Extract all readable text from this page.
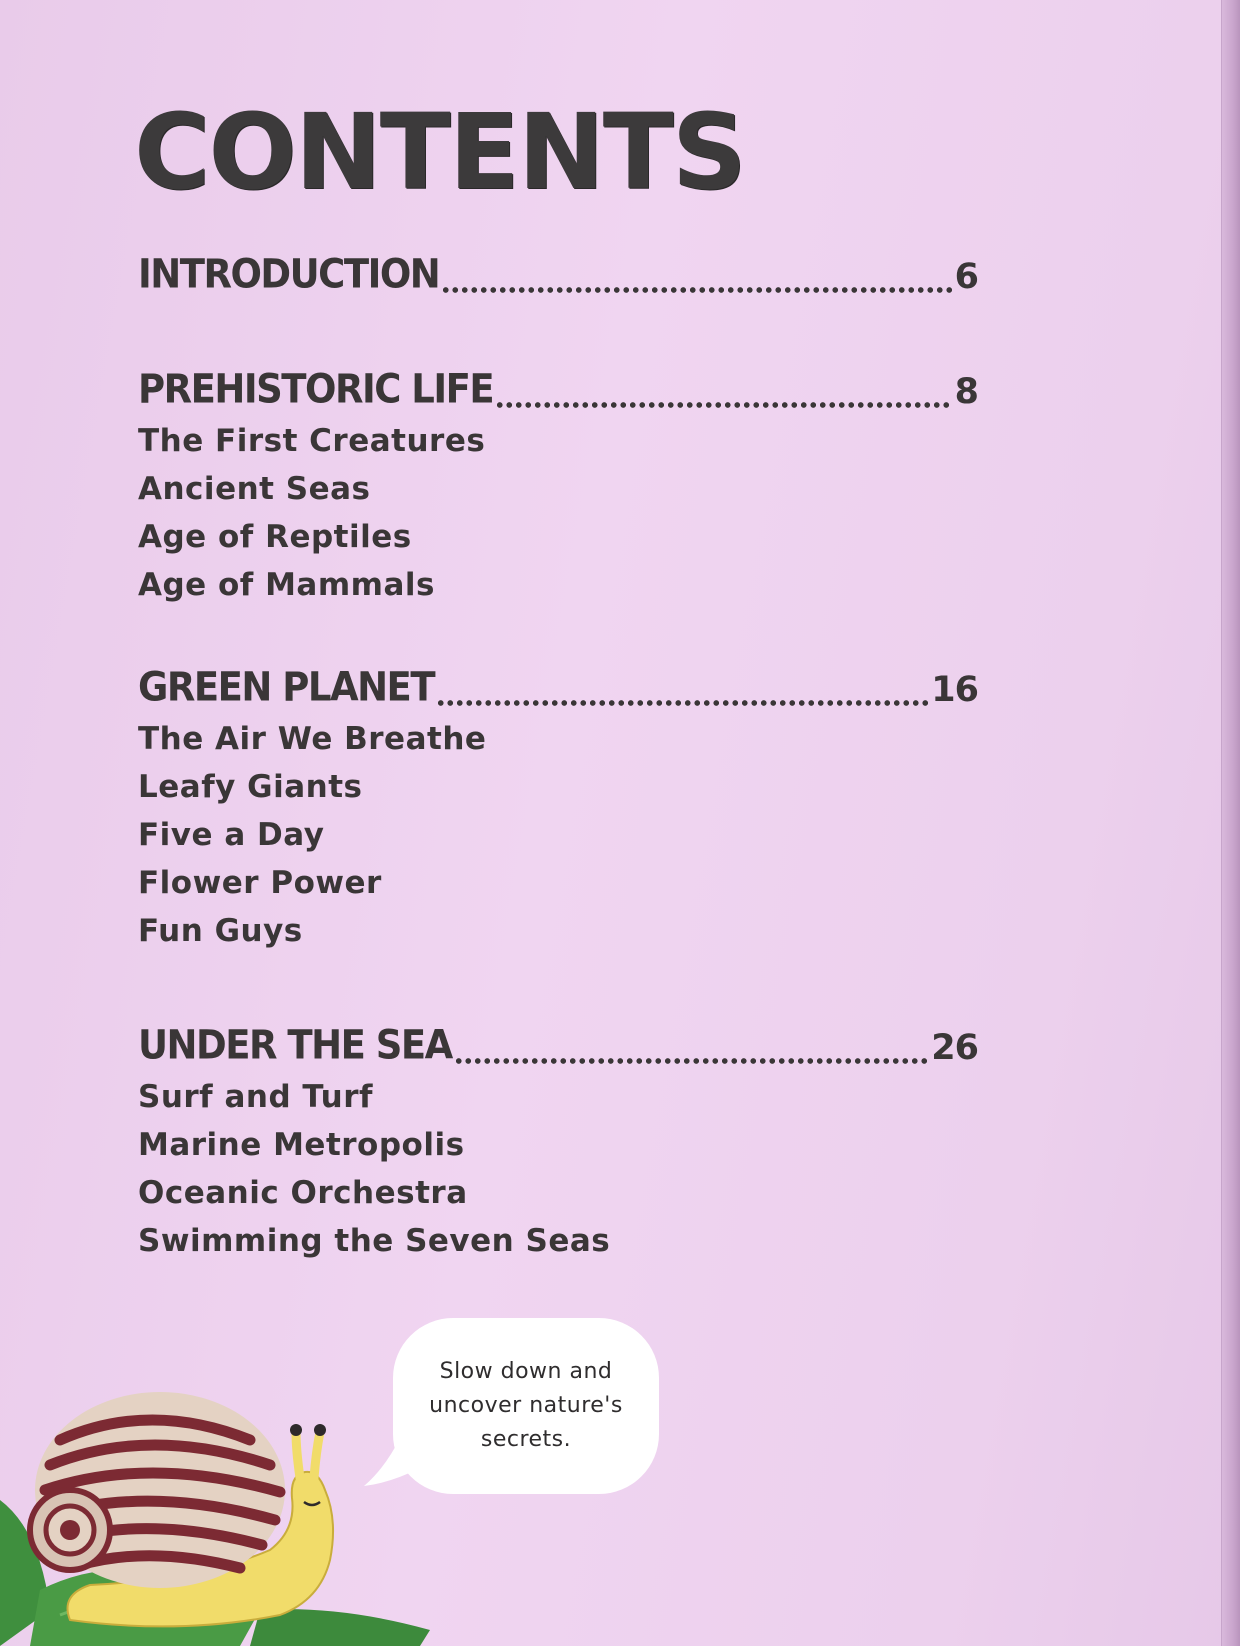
CONTENTS
INTRODUCTION	6
PREHISTORIC LIFE	8
The First Creatures
Ancient Seas
Age of Reptiles
Age of Mammals
GREEN PLANET	16
The Air We Breathe
Leafy Giants
Five a Day
Flower Power
Fun Guys
UNDER THE SEA	26
Surf and Turf
Marine Metropolis
Oceanic Orchestra
Swimming the Seven Seas
Slow down and
uncover nature's
secrets.
